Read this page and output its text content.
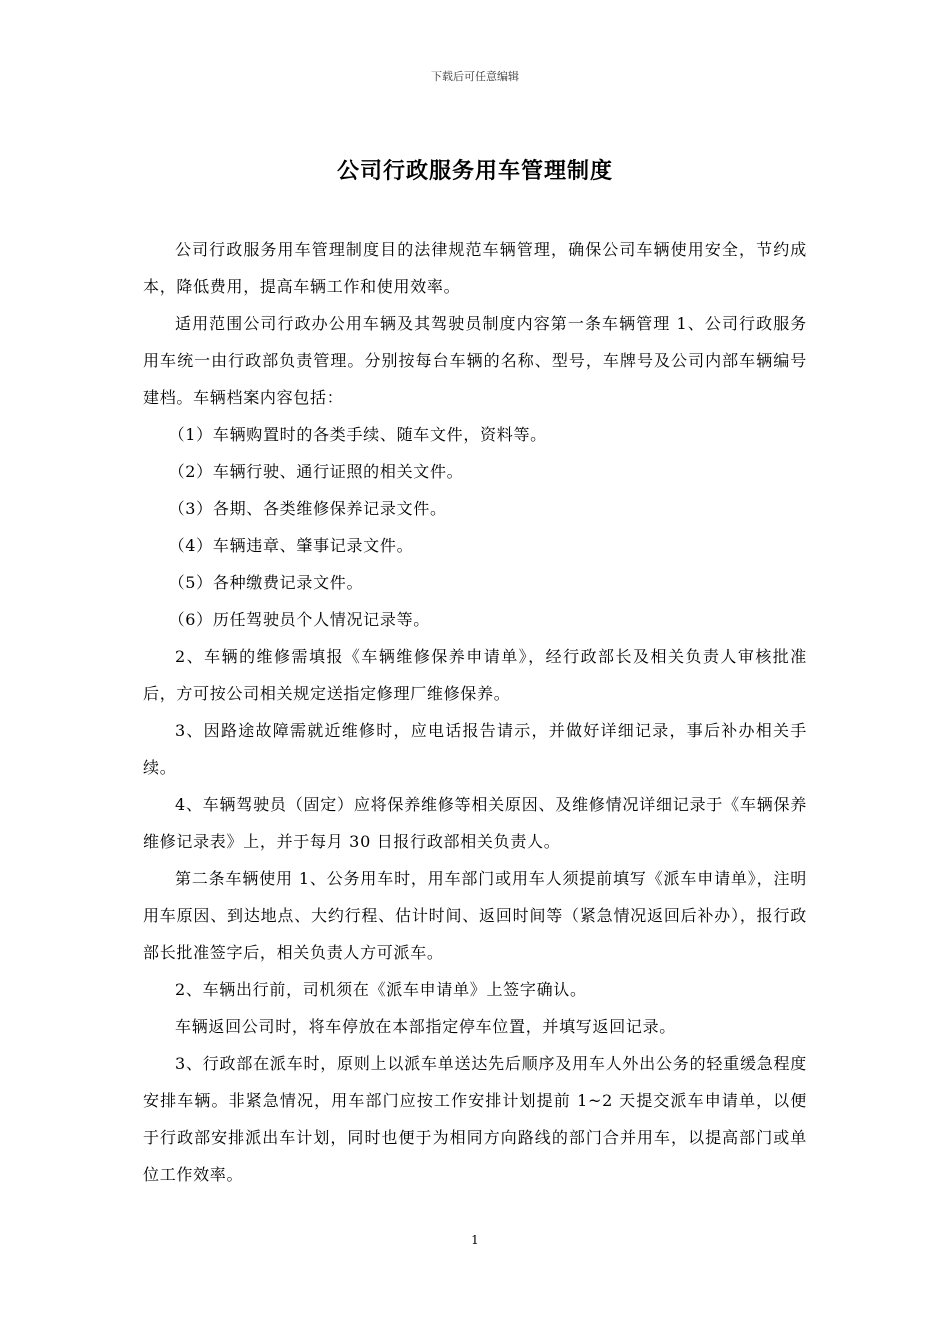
下载后可任意编辑
公司行政服务用车管理制度

公司行政服务用车管理制度目的法律规范车辆管理，确保公司车辆使用安全，节约成本，降低费用，提高车辆工作和使用效率。

适用范围公司行政办公用车辆及其驾驶员制度内容第一条车辆管理 1、公司行政服务用车统一由行政部负责管理。分别按每台车辆的名称、型号，车牌号及公司内部车辆编号建档。车辆档案内容包括：

（1）车辆购置时的各类手续、随车文件，资料等。

（2）车辆行驶、通行证照的相关文件。

（3）各期、各类维修保养记录文件。

（4）车辆违章、肇事记录文件。

（5）各种缴费记录文件。

（6）历任驾驶员个人情况记录等。

2、车辆的维修需填报《车辆维修保养申请单》，经行政部长及相关负责人审核批准后，方可按公司相关规定送指定修理厂维修保养。

3、因路途故障需就近维修时，应电话报告请示，并做好详细记录，事后补办相关手续。

4、车辆驾驶员（固定）应将保养维修等相关原因、及维修情况详细记录于《车辆保养维修记录表》上，并于每月 30 日报行政部相关负责人。

第二条车辆使用 1、公务用车时，用车部门或用车人须提前填写《派车申请单》，注明用车原因、到达地点、大约行程、估计时间、返回时间等（紧急情况返回后补办），报行政部长批准签字后，相关负责人方可派车。

2、车辆出行前，司机须在《派车申请单》上签字确认。

车辆返回公司时，将车停放在本部指定停车位置，并填写返回记录。

3、行政部在派车时，原则上以派车单送达先后顺序及用车人外出公务的轻重缓急程度安排车辆。非紧急情况，用车部门应按工作安排计划提前 1~2 天提交派车申请单，以便于行政部安排派出车计划，同时也便于为相同方向路线的部门合并用车，以提高部门或单位工作效率。

1
